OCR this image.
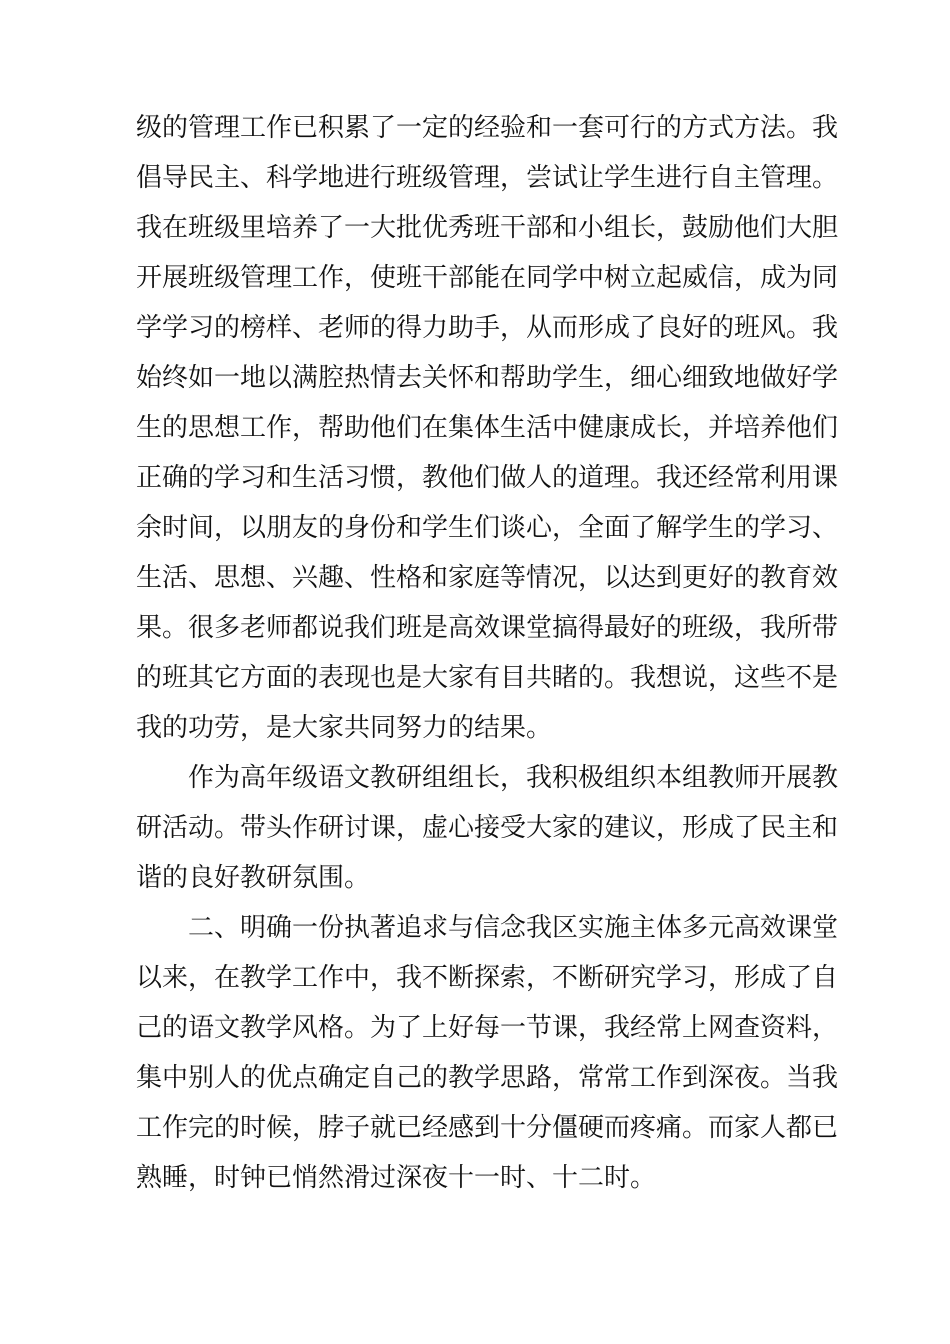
级的管理工作已积累了一定的经验和一套可行的方式方法。我
倡导民主、科学地进行班级管理，尝试让学生进行自主管理。
我在班级里培养了一大批优秀班干部和小组长，鼓励他们大胆
开展班级管理工作，使班干部能在同学中树立起威信，成为同
学学习的榜样、老师的得力助手，从而形成了良好的班风。我
始终如一地以满腔热情去关怀和帮助学生，细心细致地做好学
生的思想工作，帮助他们在集体生活中健康成长，并培养他们
正确的学习和生活习惯，教他们做人的道理。我还经常利用课
余时间，以朋友的身份和学生们谈心，全面了解学生的学习、
生活、思想、兴趣、性格和家庭等情况，以达到更好的教育效
果。很多老师都说我们班是高效课堂搞得最好的班级，我所带
的班其它方面的表现也是大家有目共睹的。我想说，这些不是
我的功劳，是大家共同努力的结果。
作为高年级语文教研组组长，我积极组织本组教师开展教
研活动。带头作研讨课，虚心接受大家的建议，形成了民主和
谐的良好教研氛围。
二、明确一份执著追求与信念我区实施主体多元高效课堂
以来，在教学工作中，我不断探索，不断研究学习，形成了自
己的语文教学风格。为了上好每一节课，我经常上网查资料，
集中别人的优点确定自己的教学思路，常常工作到深夜。当我
工作完的时候，脖子就已经感到十分僵硬而疼痛。而家人都已
熟睡，时钟已悄然滑过深夜十一时、十二时。
